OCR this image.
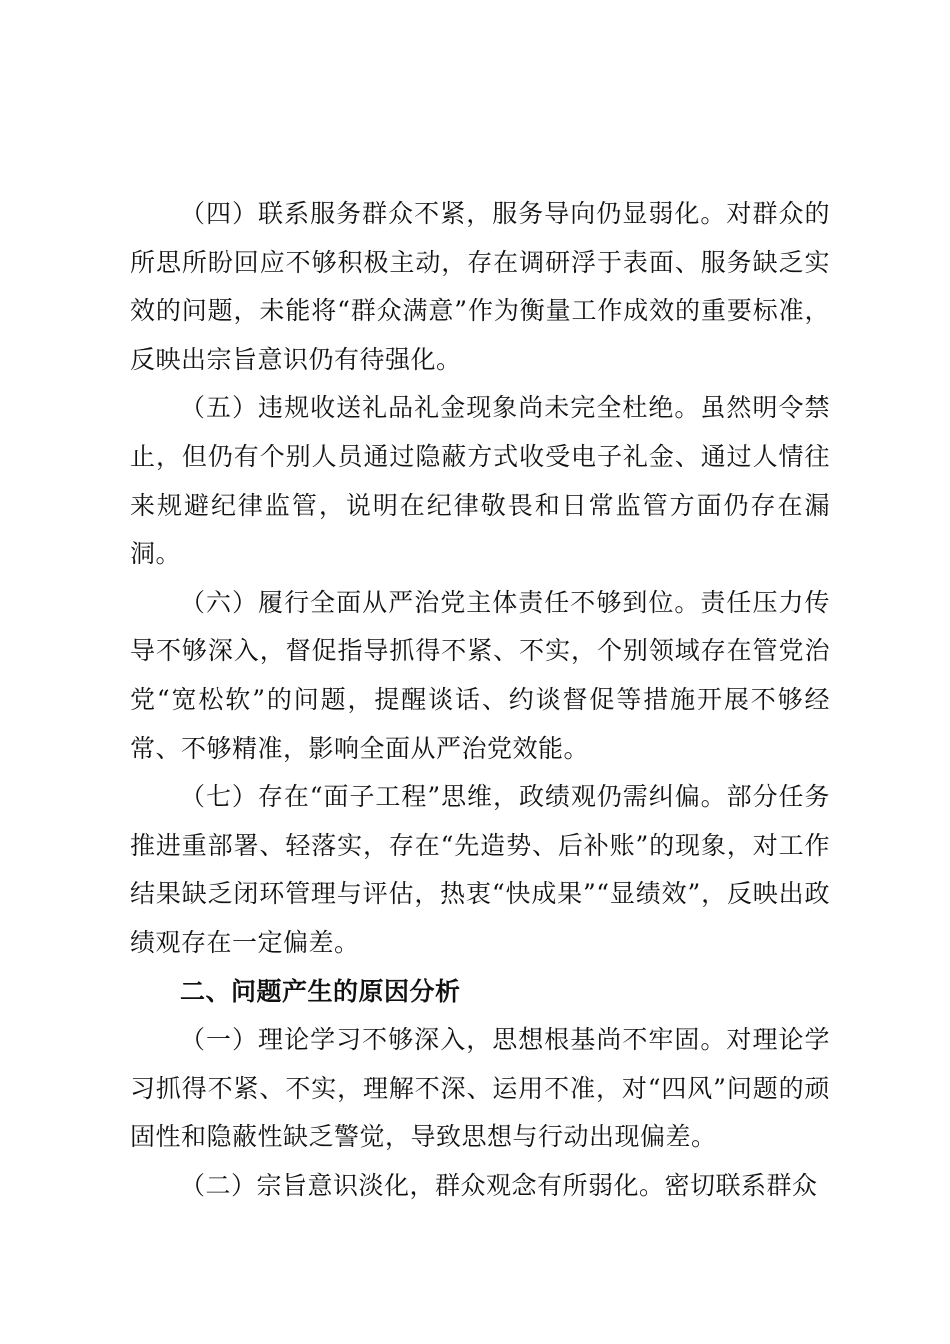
（四）联系服务群众不紧，服务导向仍显弱化。对群众的所思所盼回应不够积极主动，存在调研浮于表面、服务缺乏实效的问题，未能将“群众满意”作为衡量工作成效的重要标准，反映出宗旨意识仍有待强化。

（五）违规收送礼品礼金现象尚未完全杜绝。虽然明令禁止，但仍有个别人员通过隐蔽方式收受电子礼金、通过人情往来规避纪律监管，说明在纪律敬畏和日常监管方面仍存在漏洞。

（六）履行全面从严治党主体责任不够到位。责任压力传导不够深入，督促指导抓得不紧、不实，个别领域存在管党治党“宽松软”的问题，提醒谈话、约谈督促等措施开展不够经常、不够精准，影响全面从严治党效能。

（七）存在“面子工程”思维，政绩观仍需纠偏。部分任务推进重部署、轻落实，存在“先造势、后补账”的现象，对工作结果缺乏闭环管理与评估，热衷“快成果”“显绩效”，反映出政绩观存在一定偏差。

二、问题产生的原因分析

（一）理论学习不够深入，思想根基尚不牢固。对理论学习抓得不紧、不实，理解不深、运用不准，对“四风”问题的顽固性和隐蔽性缺乏警觉，导致思想与行动出现偏差。

（二）宗旨意识淡化，群众观念有所弱化。密切联系群众
